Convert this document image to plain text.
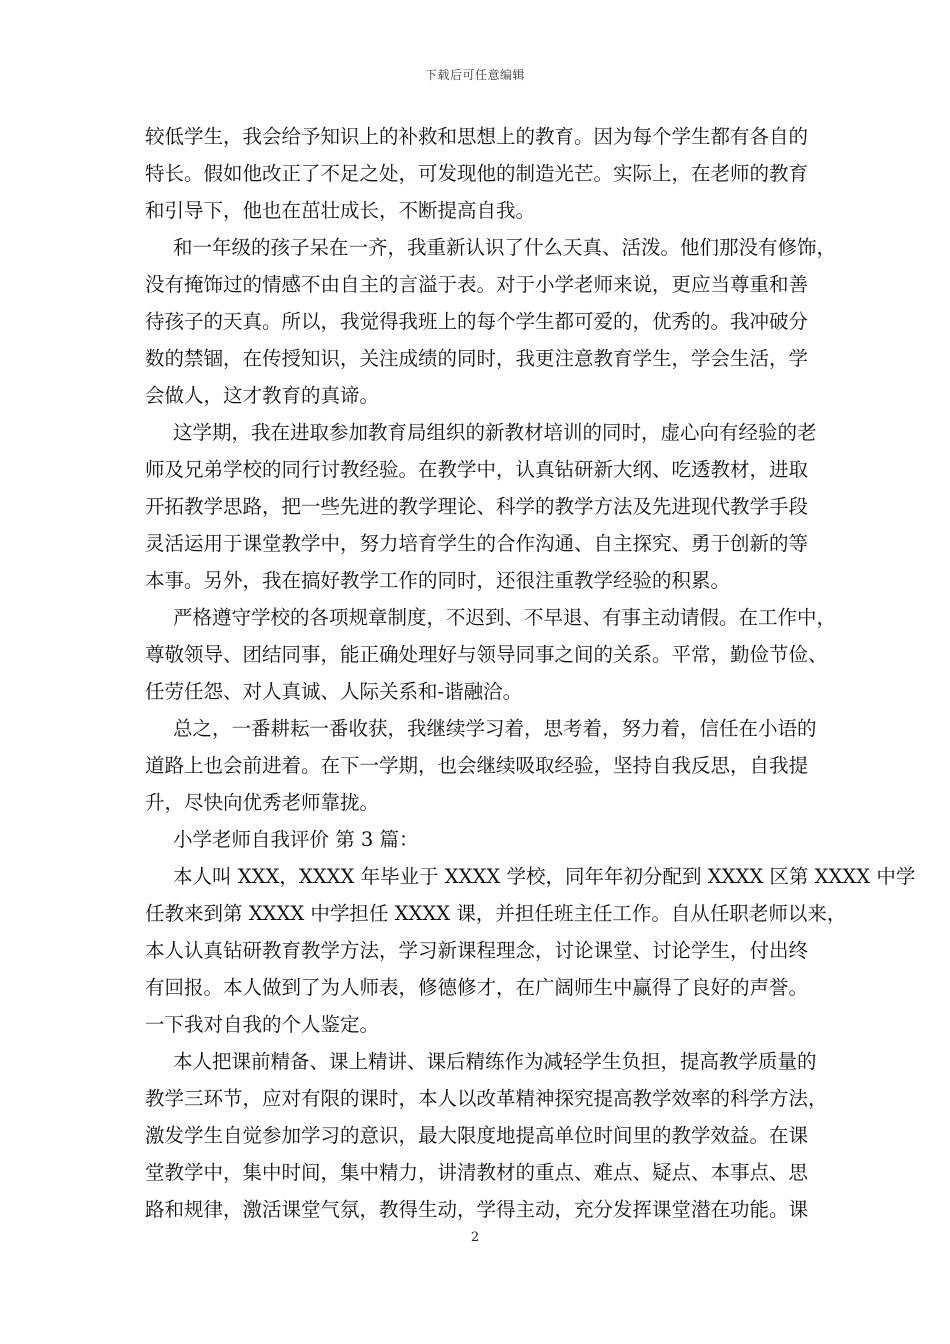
下载后可任意编辑
较低学生，我会给予知识上的补救和思想上的教育。因为每个学生都有各自的
特长。假如他改正了不足之处，可发现他的制造光芒。实际上，在老师的教育
和引导下，他也在茁壮成长，不断提高自我。
和一年级的孩子呆在一齐，我重新认识了什么天真、活泼。他们那没有修饰，
没有掩饰过的情感不由自主的言溢于表。对于小学老师来说，更应当尊重和善
待孩子的天真。所以，我觉得我班上的每个学生都可爱的，优秀的。我冲破分
数的禁锢，在传授知识，关注成绩的同时，我更注意教育学生，学会生活，学
会做人，这才教育的真谛。
这学期，我在进取参加教育局组织的新教材培训的同时，虚心向有经验的老
师及兄弟学校的同行讨教经验。在教学中，认真钻研新大纲、吃透教材，进取
开拓教学思路，把一些先进的教学理论、科学的教学方法及先进现代教学手段
灵活运用于课堂教学中，努力培育学生的合作沟通、自主探究、勇于创新的等
本事。另外，我在搞好教学工作的同时，还很注重教学经验的积累。
严格遵守学校的各项规章制度，不迟到、不早退、有事主动请假。在工作中，
尊敬领导、团结同事，能正确处理好与领导同事之间的关系。平常，勤俭节俭、
任劳任怨、对人真诚、人际关系和-谐融洽。
总之，一番耕耘一番收获，我继续学习着，思考着，努力着，信任在小语的
道路上也会前进着。在下一学期，也会继续吸取经验，坚持自我反思，自我提
升，尽快向优秀老师靠拢。
小学老师自我评价 第 3 篇：
本人叫 XXX，XXXX 年毕业于 XXXX 学校，同年年初分配到 XXXX 区第 XXXX 中学
任教来到第 XXXX 中学担任 XXXX 课，并担任班主任工作。自从任职老师以来，
本人认真钻研教育教学方法，学习新课程理念，讨论课堂、讨论学生，付出终
有回报。本人做到了为人师表，修德修才，在广阔师生中赢得了良好的声誉。
一下我对自我的个人鉴定。
本人把课前精备、课上精讲、课后精练作为减轻学生负担，提高教学质量的
教学三环节，应对有限的课时，本人以改革精神探究提高教学效率的科学方法，
激发学生自觉参加学习的意识，最大限度地提高单位时间里的教学效益。在课
堂教学中，集中时间，集中精力，讲清教材的重点、难点、疑点、本事点、思
路和规律，激活课堂气氛，教得生动，学得主动，充分发挥课堂潜在功能。课
2
